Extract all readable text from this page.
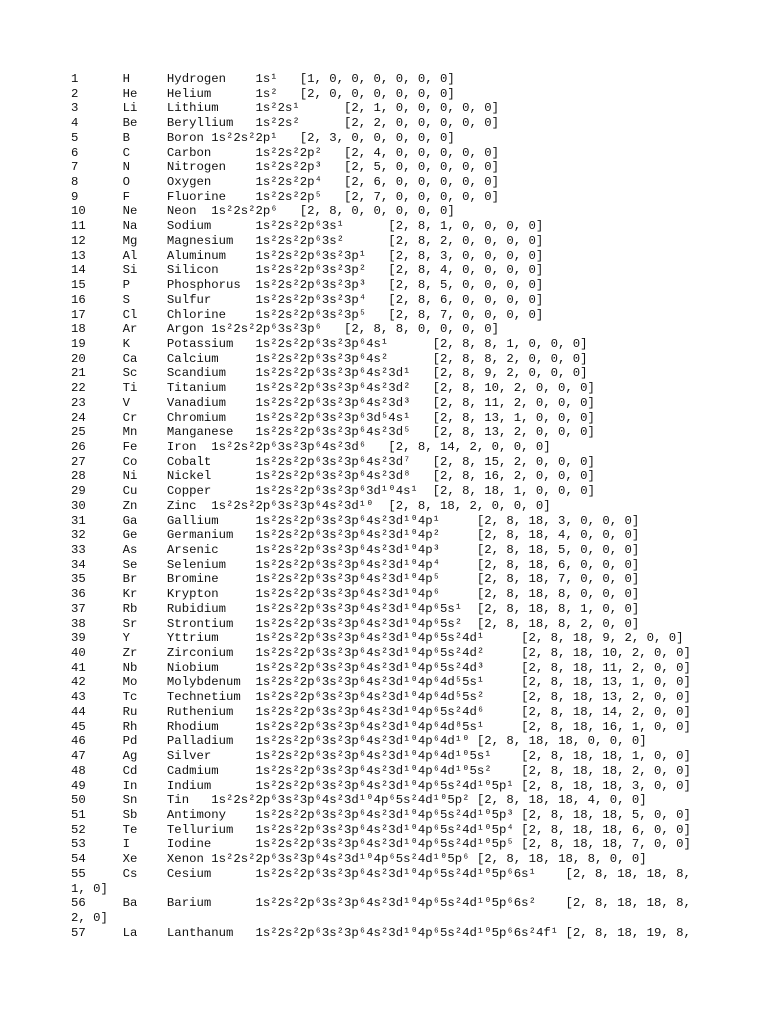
1      H     Hydrogen    1s¹   [1, 0, 0, 0, 0, 0, 0]
2      He    Helium      1s²   [2, 0, 0, 0, 0, 0, 0]
3      Li    Lithium     1s²2s¹      [2, 1, 0, 0, 0, 0, 0]
4      Be    Beryllium   1s²2s²      [2, 2, 0, 0, 0, 0, 0]
5      B     Boron 1s²2s²2p¹   [2, 3, 0, 0, 0, 0, 0]
6      C     Carbon      1s²2s²2p²   [2, 4, 0, 0, 0, 0, 0]
7      N     Nitrogen    1s²2s²2p³   [2, 5, 0, 0, 0, 0, 0]
8      O     Oxygen      1s²2s²2p⁴   [2, 6, 0, 0, 0, 0, 0]
9      F     Fluorine    1s²2s²2p⁵   [2, 7, 0, 0, 0, 0, 0]
10     Ne    Neon  1s²2s²2p⁶   [2, 8, 0, 0, 0, 0, 0]
11     Na    Sodium      1s²2s²2p⁶3s¹      [2, 8, 1, 0, 0, 0, 0]
12     Mg    Magnesium   1s²2s²2p⁶3s²      [2, 8, 2, 0, 0, 0, 0]
13     Al    Aluminum    1s²2s²2p⁶3s²3p¹   [2, 8, 3, 0, 0, 0, 0]
14     Si    Silicon     1s²2s²2p⁶3s²3p²   [2, 8, 4, 0, 0, 0, 0]
15     P     Phosphorus  1s²2s²2p⁶3s²3p³   [2, 8, 5, 0, 0, 0, 0]
16     S     Sulfur      1s²2s²2p⁶3s²3p⁴   [2, 8, 6, 0, 0, 0, 0]
17     Cl    Chlorine    1s²2s²2p⁶3s²3p⁵   [2, 8, 7, 0, 0, 0, 0]
18     Ar    Argon 1s²2s²2p⁶3s²3p⁶   [2, 8, 8, 0, 0, 0, 0]
19     K     Potassium   1s²2s²2p⁶3s²3p⁶4s¹      [2, 8, 8, 1, 0, 0, 0]
20     Ca    Calcium     1s²2s²2p⁶3s²3p⁶4s²      [2, 8, 8, 2, 0, 0, 0]
21     Sc    Scandium    1s²2s²2p⁶3s²3p⁶4s²3d¹   [2, 8, 9, 2, 0, 0, 0]
22     Ti    Titanium    1s²2s²2p⁶3s²3p⁶4s²3d²   [2, 8, 10, 2, 0, 0, 0]
23     V     Vanadium    1s²2s²2p⁶3s²3p⁶4s²3d³   [2, 8, 11, 2, 0, 0, 0]
24     Cr    Chromium    1s²2s²2p⁶3s²3p⁶3d⁵4s¹   [2, 8, 13, 1, 0, 0, 0]
25     Mn    Manganese   1s²2s²2p⁶3s²3p⁶4s²3d⁵   [2, 8, 13, 2, 0, 0, 0]
26     Fe    Iron  1s²2s²2p⁶3s²3p⁶4s²3d⁶   [2, 8, 14, 2, 0, 0, 0]
27     Co    Cobalt      1s²2s²2p⁶3s²3p⁶4s²3d⁷   [2, 8, 15, 2, 0, 0, 0]
28     Ni    Nickel      1s²2s²2p⁶3s²3p⁶4s²3d⁸   [2, 8, 16, 2, 0, 0, 0]
29     Cu    Copper      1s²2s²2p⁶3s²3p⁶3d¹⁰4s¹  [2, 8, 18, 1, 0, 0, 0]
30     Zn    Zinc  1s²2s²2p⁶3s²3p⁶4s²3d¹⁰  [2, 8, 18, 2, 0, 0, 0]
31     Ga    Gallium     1s²2s²2p⁶3s²3p⁶4s²3d¹⁰4p¹     [2, 8, 18, 3, 0, 0, 0]
32     Ge    Germanium   1s²2s²2p⁶3s²3p⁶4s²3d¹⁰4p²     [2, 8, 18, 4, 0, 0, 0]
33     As    Arsenic     1s²2s²2p⁶3s²3p⁶4s²3d¹⁰4p³     [2, 8, 18, 5, 0, 0, 0]
34     Se    Selenium    1s²2s²2p⁶3s²3p⁶4s²3d¹⁰4p⁴     [2, 8, 18, 6, 0, 0, 0]
35     Br    Bromine     1s²2s²2p⁶3s²3p⁶4s²3d¹⁰4p⁵     [2, 8, 18, 7, 0, 0, 0]
36     Kr    Krypton     1s²2s²2p⁶3s²3p⁶4s²3d¹⁰4p⁶     [2, 8, 18, 8, 0, 0, 0]
37     Rb    Rubidium    1s²2s²2p⁶3s²3p⁶4s²3d¹⁰4p⁶5s¹  [2, 8, 18, 8, 1, 0, 0]
38     Sr    Strontium   1s²2s²2p⁶3s²3p⁶4s²3d¹⁰4p⁶5s²  [2, 8, 18, 8, 2, 0, 0]
39     Y     Yttrium     1s²2s²2p⁶3s²3p⁶4s²3d¹⁰4p⁶5s²4d¹     [2, 8, 18, 9, 2, 0, 0]
40     Zr    Zirconium   1s²2s²2p⁶3s²3p⁶4s²3d¹⁰4p⁶5s²4d²     [2, 8, 18, 10, 2, 0, 0]
41     Nb    Niobium     1s²2s²2p⁶3s²3p⁶4s²3d¹⁰4p⁶5s²4d³     [2, 8, 18, 11, 2, 0, 0]
42     Mo    Molybdenum  1s²2s²2p⁶3s²3p⁶4s²3d¹⁰4p⁶4d⁵5s¹     [2, 8, 18, 13, 1, 0, 0]
43     Tc    Technetium  1s²2s²2p⁶3s²3p⁶4s²3d¹⁰4p⁶4d⁵5s²     [2, 8, 18, 13, 2, 0, 0]
44     Ru    Ruthenium   1s²2s²2p⁶3s²3p⁶4s²3d¹⁰4p⁶5s²4d⁶     [2, 8, 18, 14, 2, 0, 0]
45     Rh    Rhodium     1s²2s²2p⁶3s²3p⁶4s²3d¹⁰4p⁶4d⁸5s¹     [2, 8, 18, 16, 1, 0, 0]
46     Pd    Palladium   1s²2s²2p⁶3s²3p⁶4s²3d¹⁰4p⁶4d¹⁰ [2, 8, 18, 18, 0, 0, 0]
47     Ag    Silver      1s²2s²2p⁶3s²3p⁶4s²3d¹⁰4p⁶4d¹⁰5s¹    [2, 8, 18, 18, 1, 0, 0]
48     Cd    Cadmium     1s²2s²2p⁶3s²3p⁶4s²3d¹⁰4p⁶4d¹⁰5s²    [2, 8, 18, 18, 2, 0, 0]
49     In    Indium      1s²2s²2p⁶3s²3p⁶4s²3d¹⁰4p⁶5s²4d¹⁰5p¹ [2, 8, 18, 18, 3, 0, 0]
50     Sn    Tin   1s²2s²2p⁶3s²3p⁶4s²3d¹⁰4p⁶5s²4d¹⁰5p² [2, 8, 18, 18, 4, 0, 0]
51     Sb    Antimony    1s²2s²2p⁶3s²3p⁶4s²3d¹⁰4p⁶5s²4d¹⁰5p³ [2, 8, 18, 18, 5, 0, 0]
52     Te    Tellurium   1s²2s²2p⁶3s²3p⁶4s²3d¹⁰4p⁶5s²4d¹⁰5p⁴ [2, 8, 18, 18, 6, 0, 0]
53     I     Iodine      1s²2s²2p⁶3s²3p⁶4s²3d¹⁰4p⁶5s²4d¹⁰5p⁵ [2, 8, 18, 18, 7, 0, 0]
54     Xe    Xenon 1s²2s²2p⁶3s²3p⁶4s²3d¹⁰4p⁶5s²4d¹⁰5p⁶ [2, 8, 18, 18, 8, 0, 0]
55     Cs    Cesium      1s²2s²2p⁶3s²3p⁶4s²3d¹⁰4p⁶5s²4d¹⁰5p⁶6s¹    [2, 8, 18, 18, 8,
1, 0]
56     Ba    Barium      1s²2s²2p⁶3s²3p⁶4s²3d¹⁰4p⁶5s²4d¹⁰5p⁶6s²    [2, 8, 18, 18, 8,
2, 0]
57     La    Lanthanum   1s²2s²2p⁶3s²3p⁶4s²3d¹⁰4p⁶5s²4d¹⁰5p⁶6s²4f¹ [2, 8, 18, 19, 8,
